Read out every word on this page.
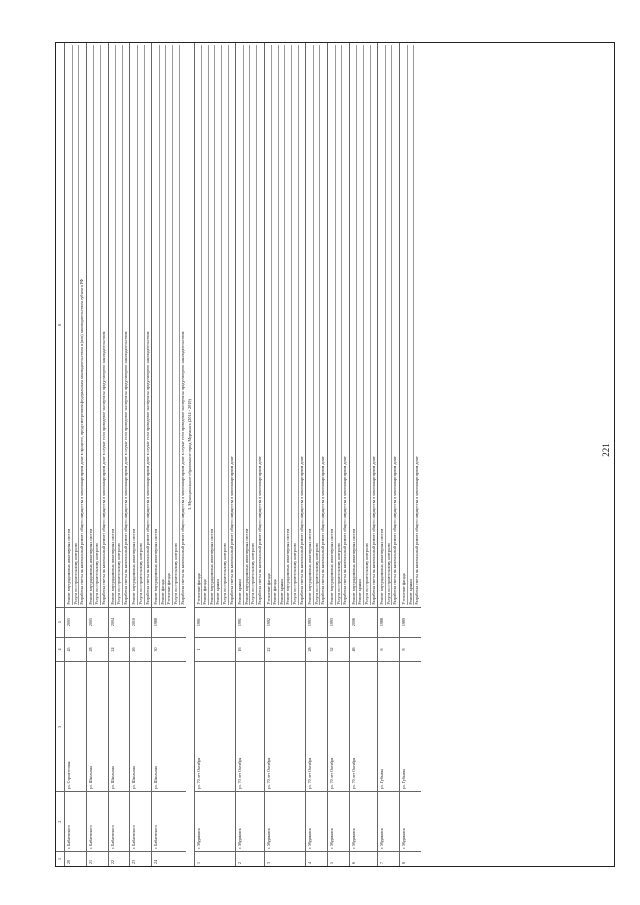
221
1
2
3
4
5
6
20
г. Бабаевского
ул. Строителная
45
2005
Ремонт внутридомовых инженерных систем Услуги по строительному контролю Разработка сметы на капитальный ремонт общего имущества в многоквартирном доме в процессе, предусмотренном федеральным законодательством и (или) законодательством субъекта РФ
21
г. Бабаевского
ул. Школьная
28
2005
Ремонт внутридомовых инженерных систем Услуги по строительному контролю Разработка сметы на капитальный ремонт общего имущества в многоквартирном доме в случае если проведение экспертизы предусмотрено законодательством
22
г. Бабаевского
ул. Школьная
24
2004
Ремонт внутридомовых инженерных систем Услуги по строительному контролю Разработка сметы на капитальный ремонт общего имущества в многоквартирном доме в случае если проведение экспертизы предусмотрено законодательством
23
г. Бабаевского
ул. Школьная
26
2010
Ремонт внутридомовых инженерных систем Услуги по строительному контролю Разработка сметы на капитальный ремонт общего имущества в многоквартирном доме в случае если проведение экспертизы предусмотрено законодательством
24
г. Бабаевского
ул. Школьная
30
1988
Ремонт внутридомовых инженерных систем Ремонт фасада Утепление фасада Услуги по строительному контролю Разработка сметы на капитальный ремонт общего имущества в многоквартирном доме в случае если проведение экспертизы предусмотрено законодательством 3. Муниципальное образование город Мурманск (2014 - 2019)
1
г. Мурманск
ул. 70 лет Октября
1
1991
Утепление фасада Ремонт фасада Ремонт внутридомовых инженерных систем Ремонт крыши Услуги по строительному контролю Разработка сметы на капитальный ремонт общего имущества в многоквартирном доме
2
г. Мурманск
ул. 70 лет Октября
16
1991
Ремонт крыши Ремонт внутридомовых инженерных систем Услуги по строительному контролю Разработка сметы на капитальный ремонт общего имущества в многоквартирном доме
3
г. Мурманск
ул. 70 лет Октября
22
1992
Утепление фасада Ремонт фасада Ремонт крыши Ремонт внутридомовых инженерных систем Услуги по строительному контролю Разработка сметы на капитальный ремонт общего имущества в многоквартирном доме
4
г. Мурманск
ул. 70 лет Октября
28
1993
Ремонт внутридомовых инженерных систем Услуги по строительному контролю Разработка сметы на капитальный ремонт общего имущества в многоквартирном доме
5
г. Мурманск
ул. 70 лет Октября
32
1993
Ремонт внутридомовых инженерных систем Услуги по строительному контролю Разработка сметы на капитальный ремонт общего имущества в многоквартирном доме
6
г. Мурманск
ул. 70 лет Октября
46
2006
Ремонт внутридомовых инженерных систем Ремонт крыши Услуги по строительному контролю Разработка сметы на капитальный ремонт общего имущества в многоквартирном доме
7
г. Мурманск
ул. Губкина
6
1988
Ремонт внутридомовых инженерных систем Услуги по строительному контролю Разработка сметы на капитальный ремонт общего имущества в многоквартирном доме
8
г. Мурманск
ул. Губкина
8
1989
Утепление фасада Ремонт крыши Разработка сметы на капитальный ремонт общего имущества в многоквартирном доме
